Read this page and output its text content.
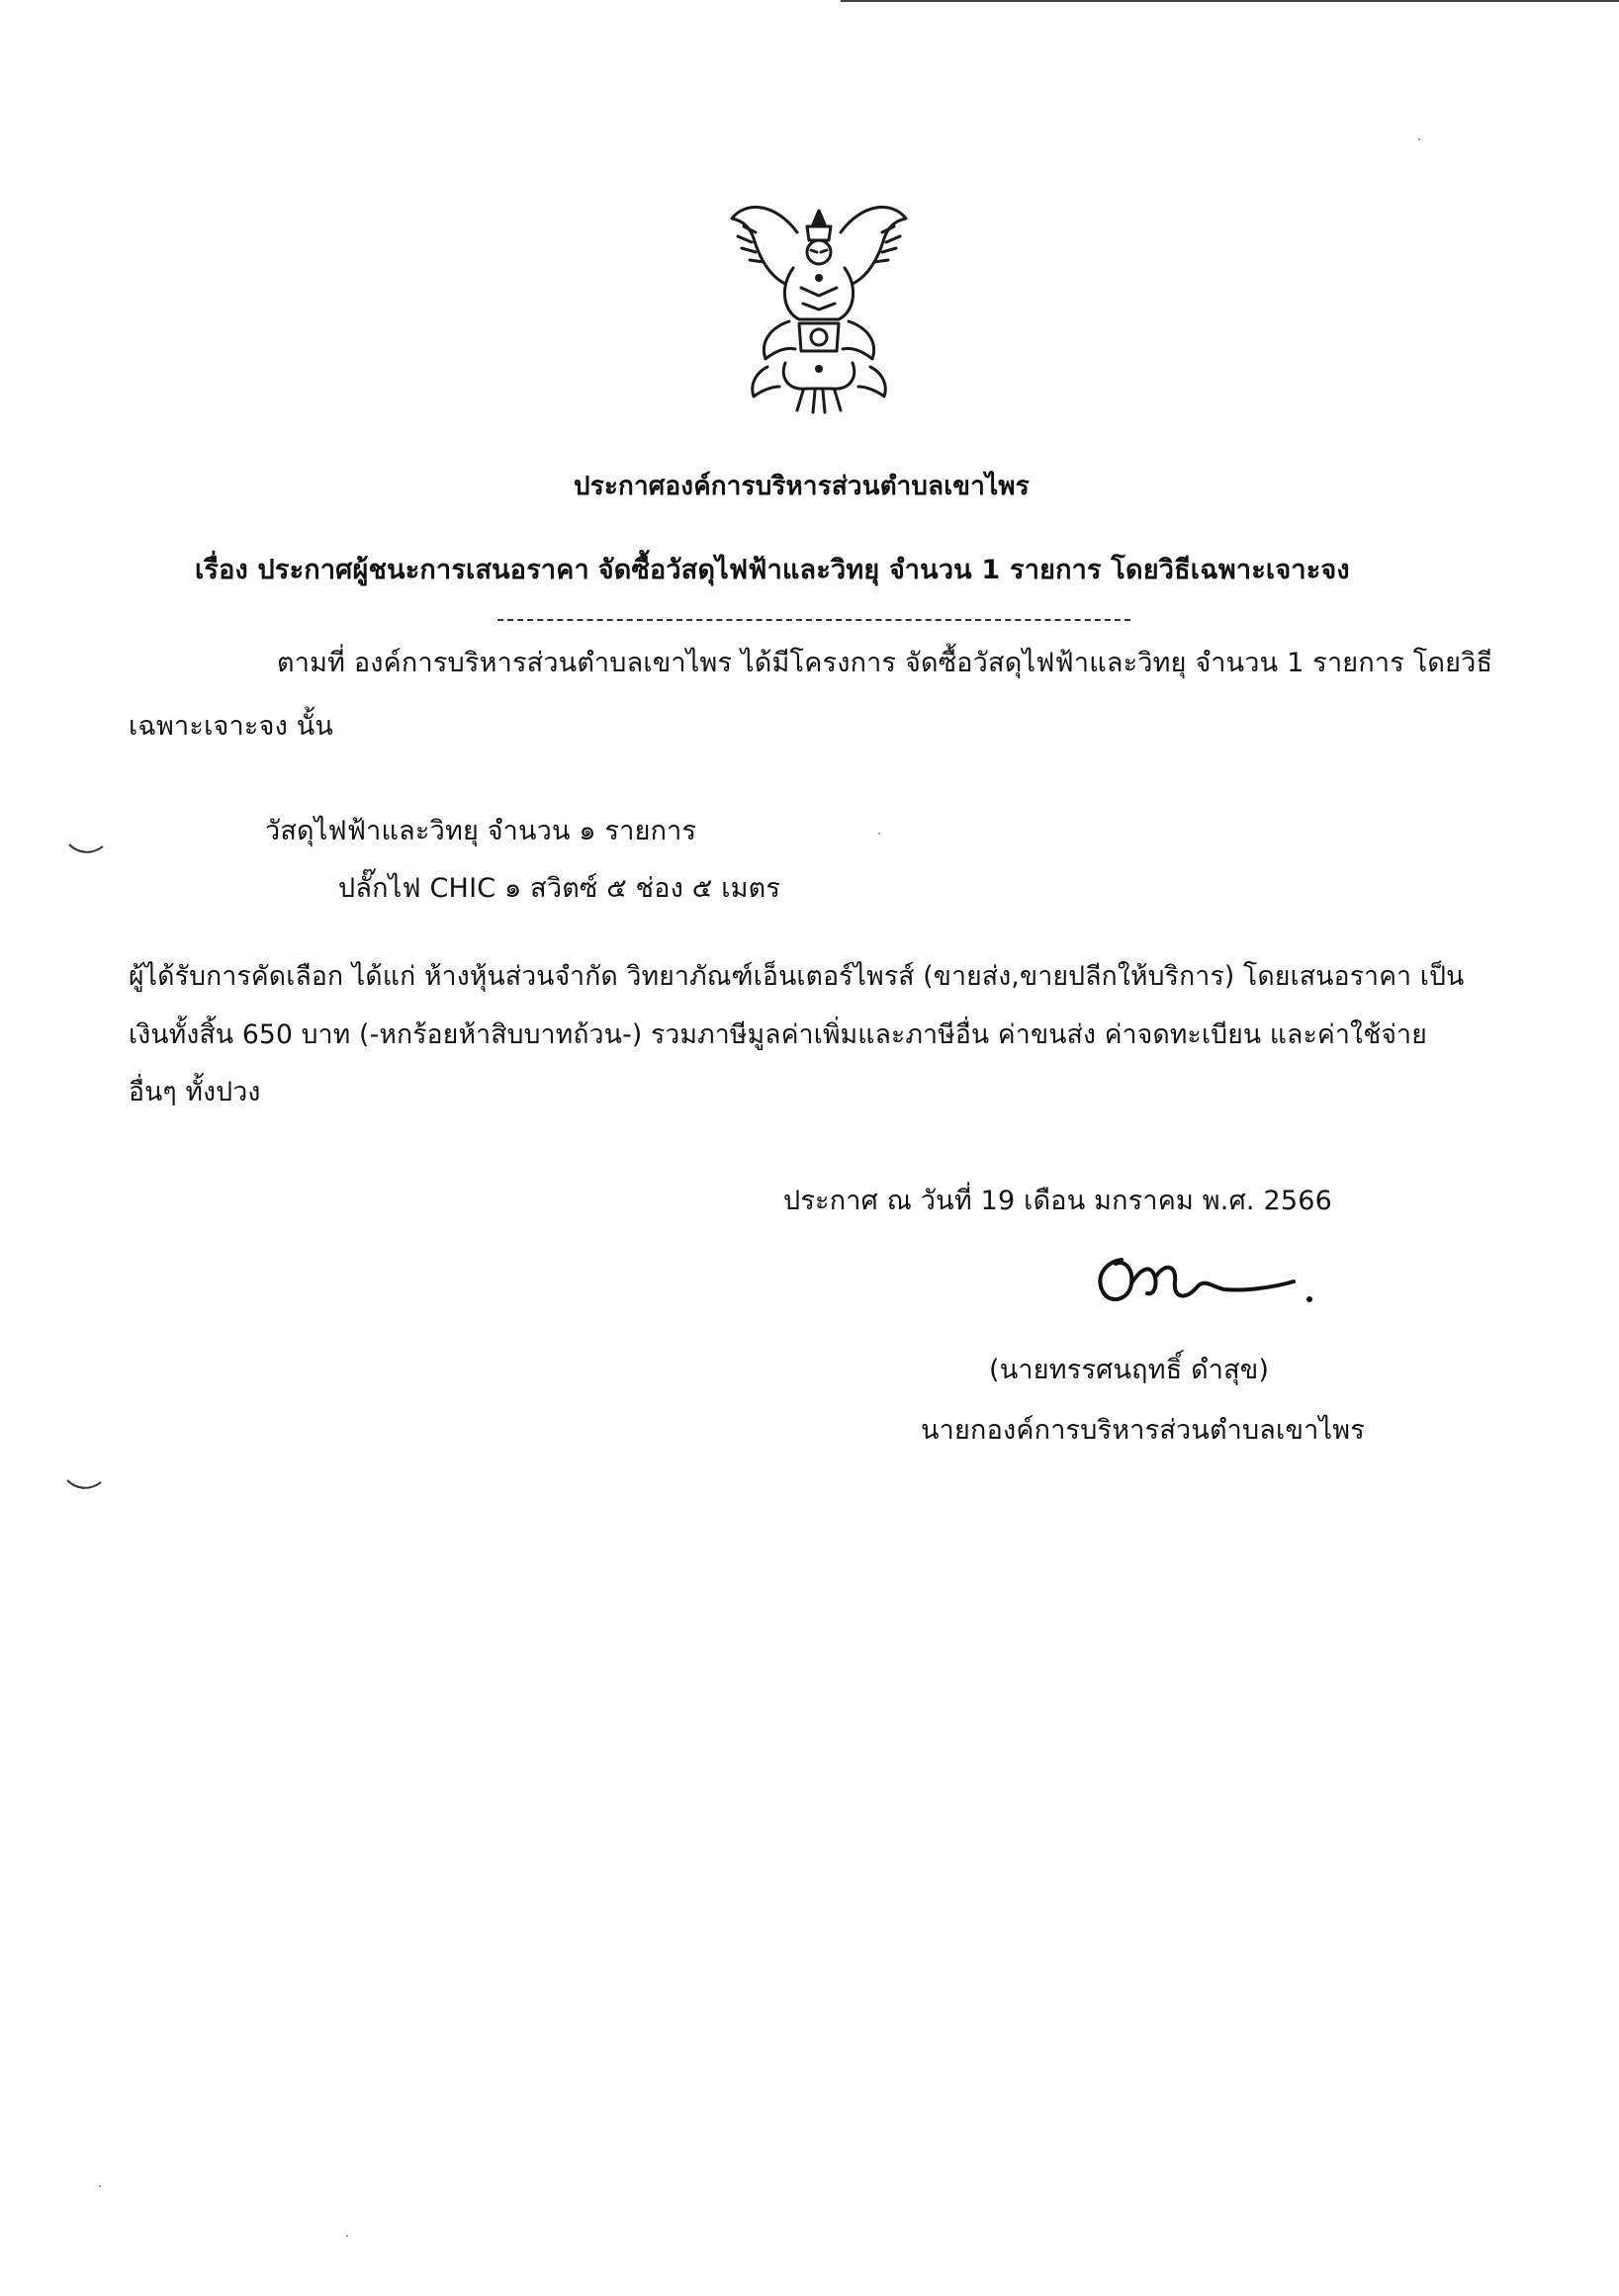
ประกาศองค์การบริหารส่วนตำบลเขาไพร
เรื่อง ประกาศผู้ชนะการเสนอราคา จัดซื้อวัสดุไฟฟ้าและวิทยุ จำนวน 1 รายการ โดยวิธีเฉพาะเจาะจง
ตามที่ องค์การบริหารส่วนตำบลเขาไพร ได้มีโครงการ จัดซื้อวัสดุไฟฟ้าและวิทยุ จำนวน 1 รายการ โดยวิธี
เฉพาะเจาะจง นั้น
วัสดุไฟฟ้าและวิทยุ จำนวน ๑ รายการ
ปลั๊กไฟ CHIC ๑ สวิตซ์ ๕ ช่อง ๕ เมตร
ผู้ได้รับการคัดเลือก ได้แก่ ห้างหุ้นส่วนจำกัด วิทยาภัณฑ์เอ็นเตอร์ไพรส์ (ขายส่ง,ขายปลีกให้บริการ) โดยเสนอราคา เป็น
เงินทั้งสิ้น 650 บาท (-หกร้อยห้าสิบบาทถ้วน-) รวมภาษีมูลค่าเพิ่มและภาษีอื่น ค่าขนส่ง ค่าจดทะเบียน และค่าใช้จ่าย
อื่นๆ ทั้งปวง
ประกาศ ณ วันที่ 19 เดือน มกราคม พ.ศ. 2566
(นายทรรศนฤทธิ์ ดำสุข)
นายกองค์การบริหารส่วนตำบลเขาไพร
